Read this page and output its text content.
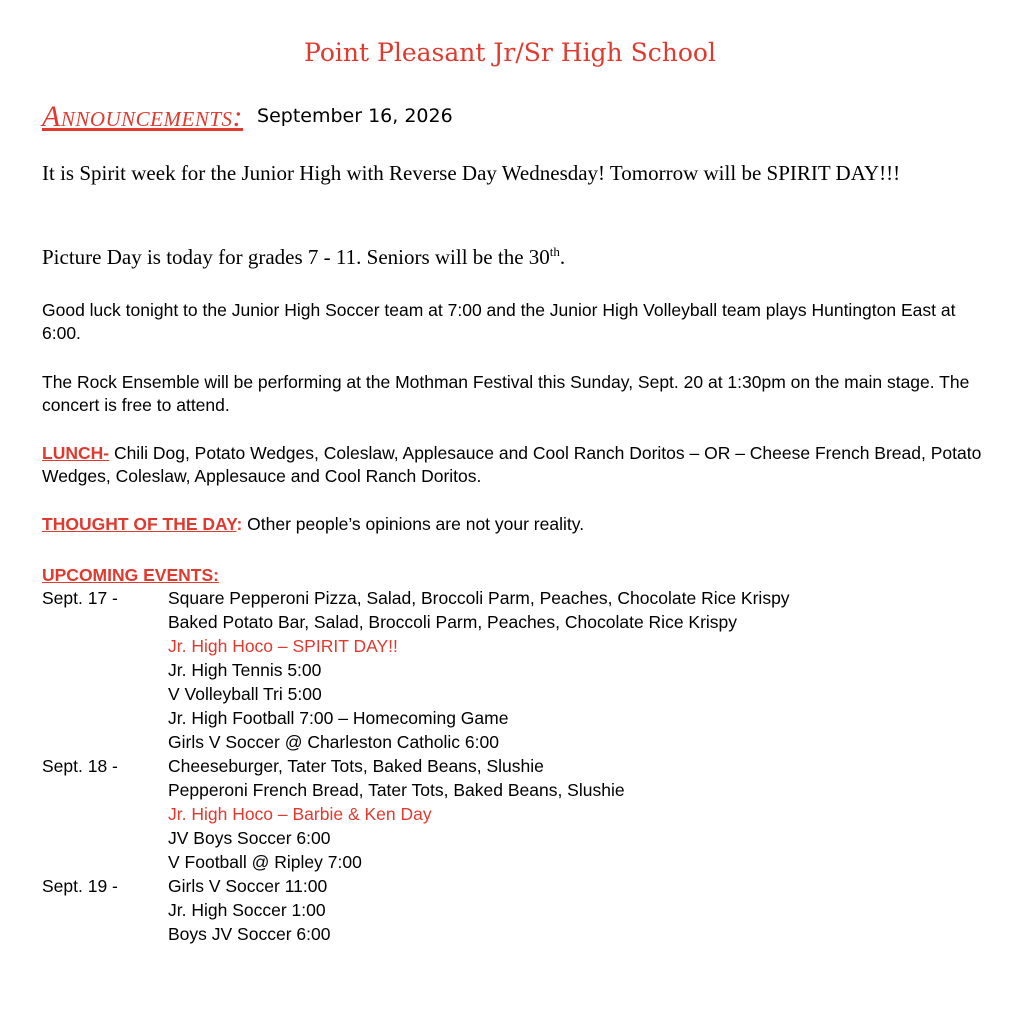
Point Pleasant Jr/Sr High School
Announcements: September 16, 2026

It is Spirit week for the Junior High with Reverse Day Wednesday! Tomorrow will be SPIRIT DAY!!!

Picture Day is today for grades 7 - 11. Seniors will be the 30th.

Good luck tonight to the Junior High Soccer team at 7:00 and the Junior High Volleyball team plays Huntington East at 6:00.

The Rock Ensemble will be performing at the Mothman Festival this Sunday, Sept. 20 at 1:30pm on the main stage. The concert is free to attend.

LUNCH- Chili Dog, Potato Wedges, Coleslaw, Applesauce and Cool Ranch Doritos – OR – Cheese French Bread, Potato Wedges, Coleslaw, Applesauce and Cool Ranch Doritos.

THOUGHT OF THE DAY: Other people’s opinions are not your reality.

UPCOMING EVENTS:
Sept. 17 -	Square Pepperoni Pizza, Salad, Broccoli Parm, Peaches, Chocolate Rice Krispy
Baked Potato Bar, Salad, Broccoli Parm, Peaches, Chocolate Rice Krispy
Jr. High Hoco – SPIRIT DAY!!
Jr. High Tennis 5:00
V Volleyball Tri 5:00
Jr. High Football 7:00 – Homecoming Game
Girls V Soccer @ Charleston Catholic 6:00
Sept. 18 -	Cheeseburger, Tater Tots, Baked Beans, Slushie
Pepperoni French Bread, Tater Tots, Baked Beans, Slushie
Jr. High Hoco – Barbie & Ken Day
JV Boys Soccer 6:00
V Football @ Ripley 7:00
Sept. 19 -	Girls V Soccer 11:00
Jr. High Soccer 1:00
Boys JV Soccer 6:00
